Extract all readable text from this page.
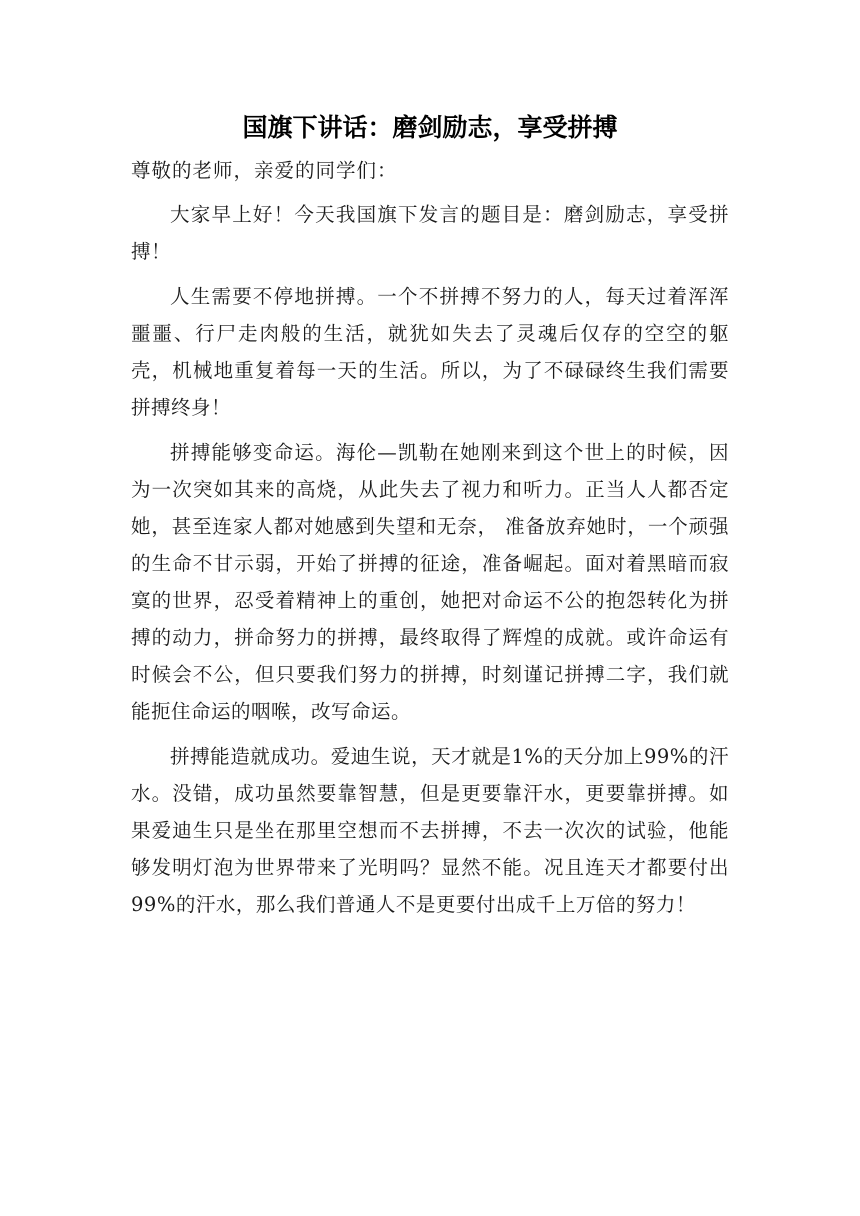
国旗下讲话：磨剑励志，享受拼搏

尊敬的老师，亲爱的同学们：

大家早上好！今天我国旗下发言的题目是：磨剑励志，享受拼搏！

人生需要不停地拼搏。一个不拼搏不努力的人，每天过着浑浑噩噩、行尸走肉般的生活，就犹如失去了灵魂后仅存的空空的躯壳，机械地重复着每一天的生活。所以，为了不碌碌终生我们需要拼搏终身！

拼搏能够变命运。海伦—凯勒在她刚来到这个世上的时候，因为一次突如其来的高烧，从此失去了视力和听力。正当人人都否定她，甚至连家人都对她感到失望和无奈， 准备放弃她时，一个顽强的生命不甘示弱，开始了拼搏的征途，准备崛起。面对着黑暗而寂寞的世界，忍受着精神上的重创，她把对命运不公的抱怨转化为拼搏的动力，拼命努力的拼搏，最终取得了辉煌的成就。或许命运有时候会不公，但只要我们努力的拼搏，时刻谨记拼搏二字，我们就能扼住命运的咽喉，改写命运。

拼搏能造就成功。爱迪生说，天才就是1%的天分加上99%的汗水。没错，成功虽然要靠智慧，但是更要靠汗水，更要靠拼搏。如果爱迪生只是坐在那里空想而不去拼搏，不去一次次的试验，他能够发明灯泡为世界带来了光明吗？显然不能。况且连天才都要付出99%的汗水，那么我们普通人不是更要付出成千上万倍的努力！
